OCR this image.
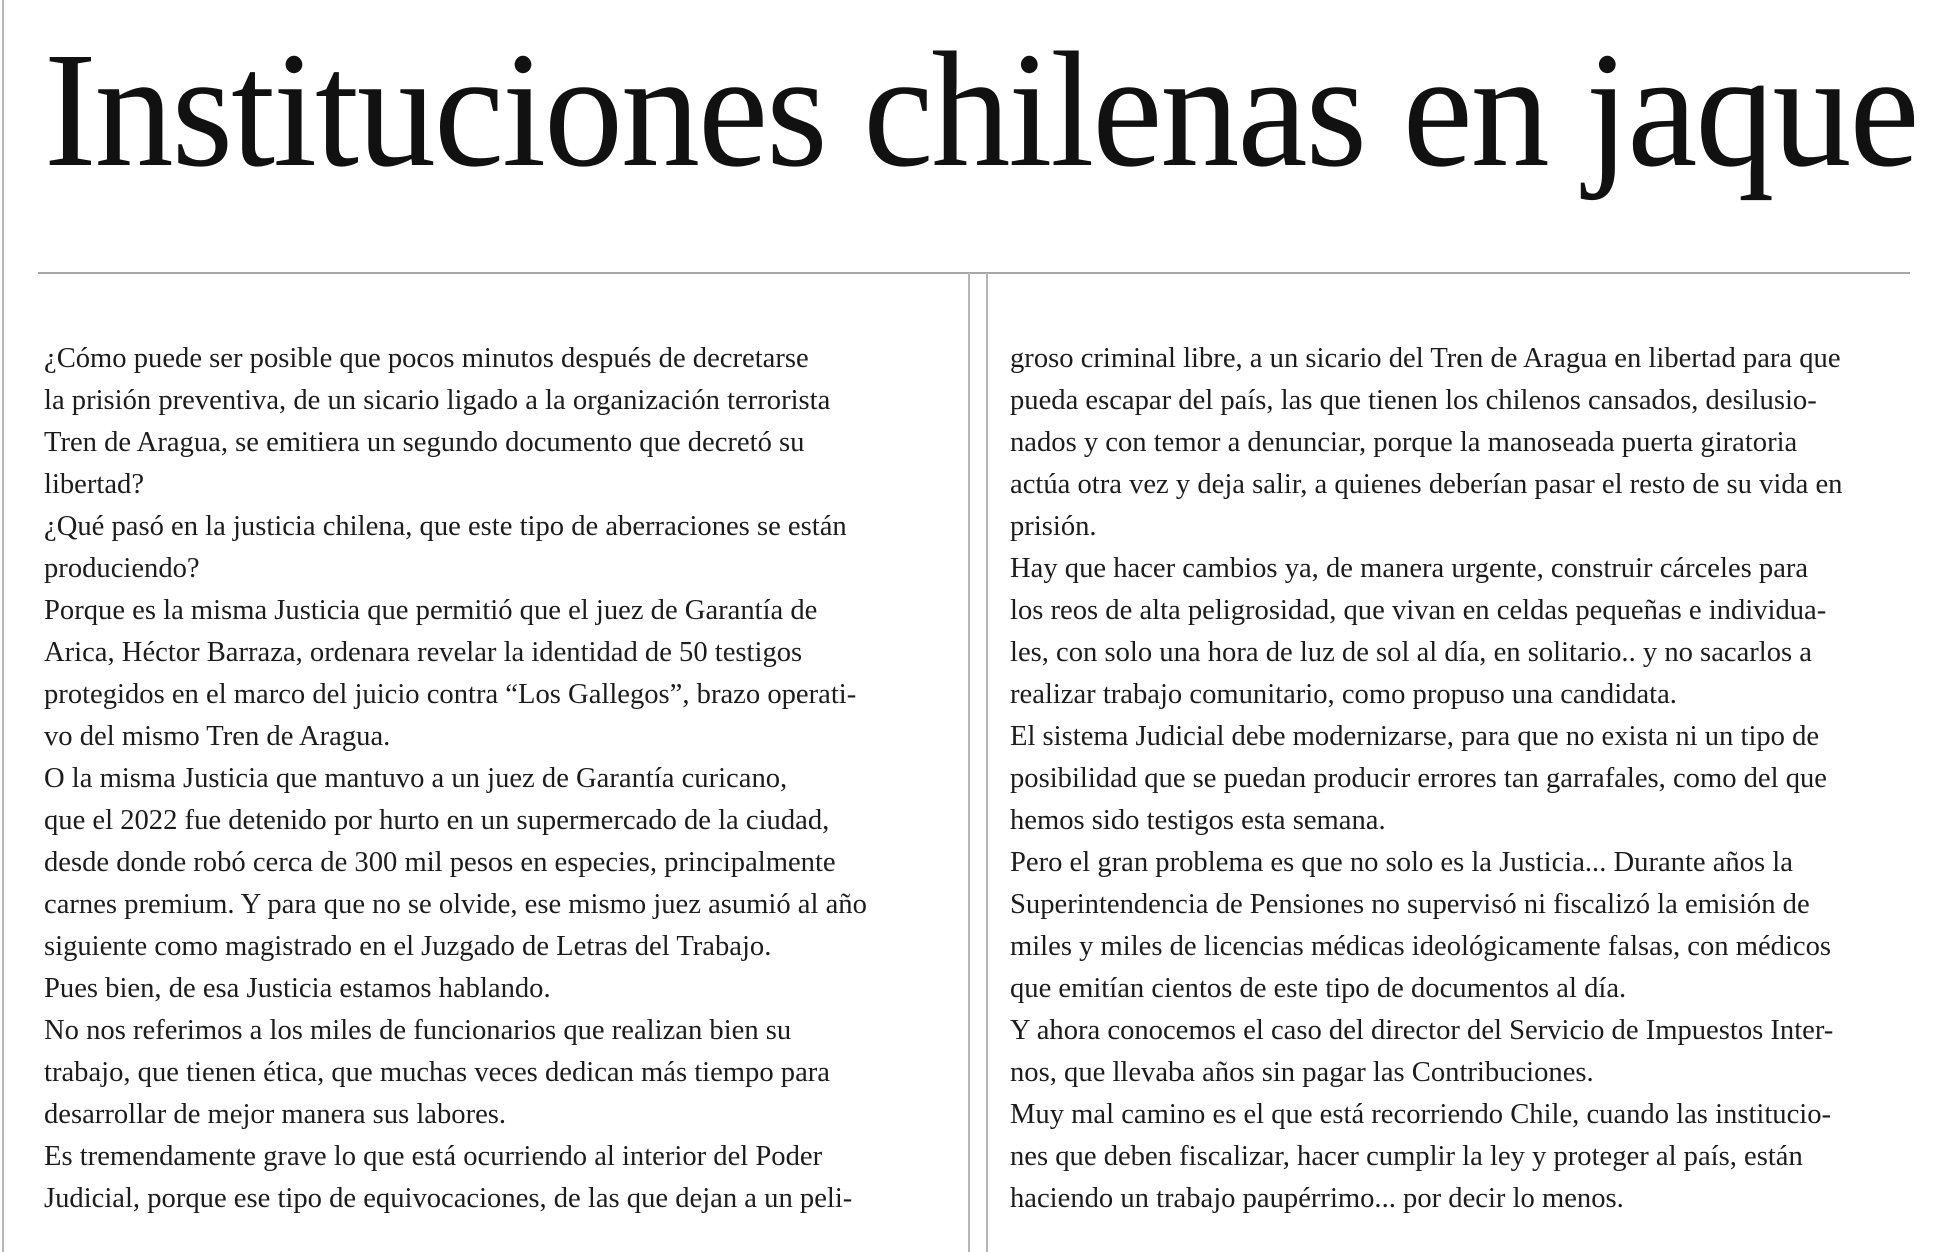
Instituciones chilenas en jaque

¿Cómo puede ser posible que pocos minutos después de decretarse

la prisión preventiva, de un sicario ligado a la organización terrorista

Tren de Aragua, se emitiera un segundo documento que decretó su

libertad?

¿Qué pasó en la justicia chilena, que este tipo de aberraciones se están

produciendo?

Porque es la misma Justicia que permitió que el juez de Garantía de

Arica, Héctor Barraza, ordenara revelar la identidad de 50 testigos

protegidos en el marco del juicio contra “Los Gallegos”, brazo operati-

vo del mismo Tren de Aragua.

O la misma Justicia que mantuvo a un juez de Garantía curicano,

que el 2022 fue detenido por hurto en un supermercado de la ciudad,

desde donde robó cerca de 300 mil pesos en especies, principalmente

carnes premium. Y para que no se olvide, ese mismo juez asumió al año

siguiente como magistrado en el Juzgado de Letras del Trabajo.

Pues bien, de esa Justicia estamos hablando.

No nos referimos a los miles de funcionarios que realizan bien su

trabajo, que tienen ética, que muchas veces dedican más tiempo para

desarrollar de mejor manera sus labores.

Es tremendamente grave lo que está ocurriendo al interior del Poder

Judicial, porque ese tipo de equivocaciones, de las que dejan a un peli-

groso criminal libre, a un sicario del Tren de Aragua en libertad para que

pueda escapar del país, las que tienen los chilenos cansados, desilusio-

nados y con temor a denunciar, porque la manoseada puerta giratoria

actúa otra vez y deja salir, a quienes deberían pasar el resto de su vida en

prisión.

Hay que hacer cambios ya, de manera urgente, construir cárceles para

los reos de alta peligrosidad, que vivan en celdas pequeñas e individua-

les, con solo una hora de luz de sol al día, en solitario.. y no sacarlos a

realizar trabajo comunitario, como propuso una candidata.

El sistema Judicial debe modernizarse, para que no exista ni un tipo de

posibilidad que se puedan producir errores tan garrafales, como del que

hemos sido testigos esta semana.

Pero el gran problema es que no solo es la Justicia... Durante años la

Superintendencia de Pensiones no supervisó ni fiscalizó la emisión de

miles y miles de licencias médicas ideológicamente falsas, con médicos

que emitían cientos de este tipo de documentos al día.

Y ahora conocemos el caso del director del Servicio de Impuestos Inter-

nos, que llevaba años sin pagar las Contribuciones.

Muy mal camino es el que está recorriendo Chile, cuando las institucio-

nes que deben fiscalizar, hacer cumplir la ley y proteger al país, están

haciendo un trabajo paupérrimo... por decir lo menos.
